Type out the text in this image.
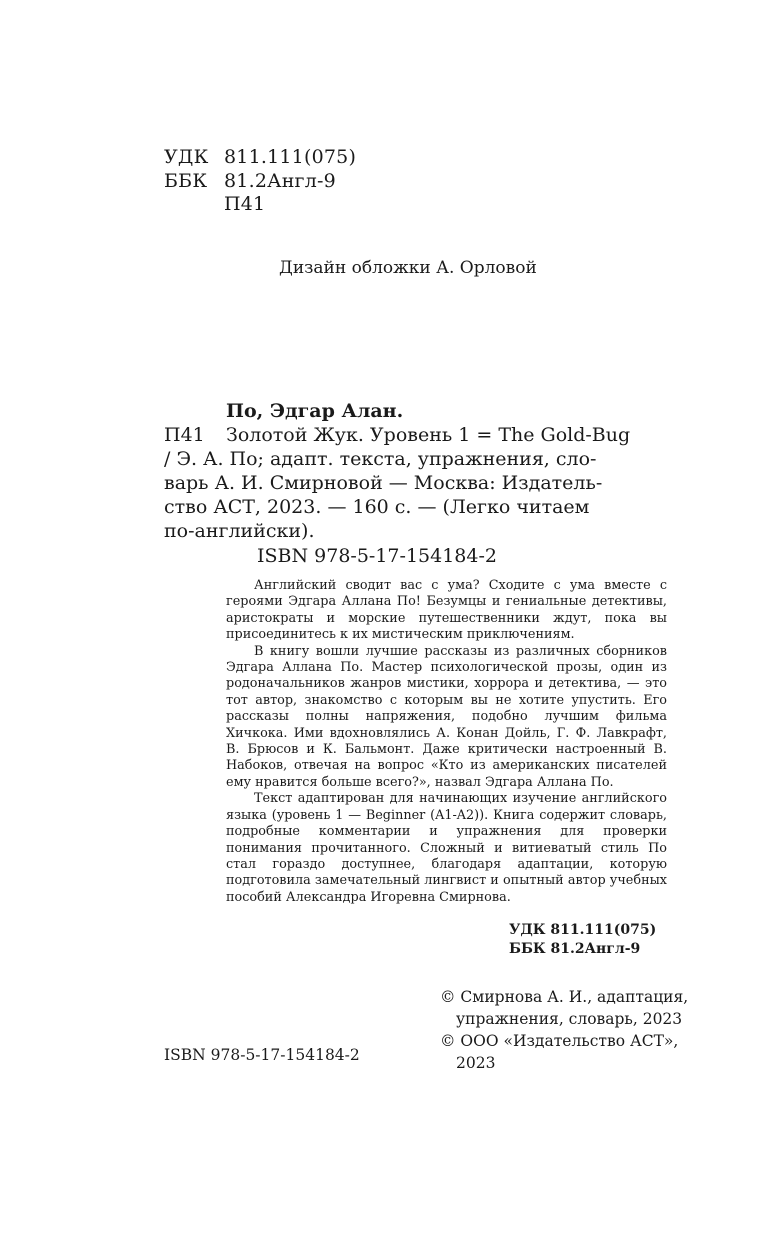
УДК 811.111(075)
ББК 81.2Англ-9
П41
Дизайн обложки А. Орловой
По, Эдгар Алан.
Золотой Жук. Уровень 1 = The Gold-Bug
/ Э. А. По; адапт. текста, упражнения, сло-
варь А. И. Смирновой — Москва: Издатель-
ство АСТ, 2023. — 160 с. — (Легко читаем
по-английски).
П41
ISBN 978-5-17-154184-2

Английский сводит вас с ума? Сходите с ума вместе с героями Эдгара Аллана По! Безумцы и гениальные детективы, аристократы и морские путешественники ждут, пока вы присоединитесь к их мистическим приключениям.

В книгу вошли лучшие рассказы из различных сборников Эдгара Аллана По. Мастер психологической прозы, один из родоначальников жанров мистики, хоррора и детектива, — это тот автор, знакомство с которым вы не хотите упустить. Его рассказы полны напряжения, подобно лучшим фильма Хичкока. Ими вдохновлялись А. Конан Дойль, Г. Ф. Лавкрафт, В. Брюсов и К. Бальмонт. Даже критически настроенный В. Набоков, отвечая на вопрос «Кто из американских писателей ему нравится больше всего?», назвал Эдгара Аллана По.

Текст адаптирован для начинающих изучение английского языка (уровень 1 — Beginner (A1-A2)). Книга содержит словарь, подробные комментарии и упражнения для проверки понимания прочитанного. Сложный и витиеватый стиль По стал гораздо доступнее, благодаря адаптации, которую подготовила замечательный лингвист и опытный автор учебных пособий Александра Игоревна Смирнова.

УДК 811.111(075)
ББК 81.2Англ-9
© Смирнова А. И., адаптация,
упражнения, словарь, 2023
© ООО «Издательство АСТ»,
2023
ISBN 978-5-17-154184-2
